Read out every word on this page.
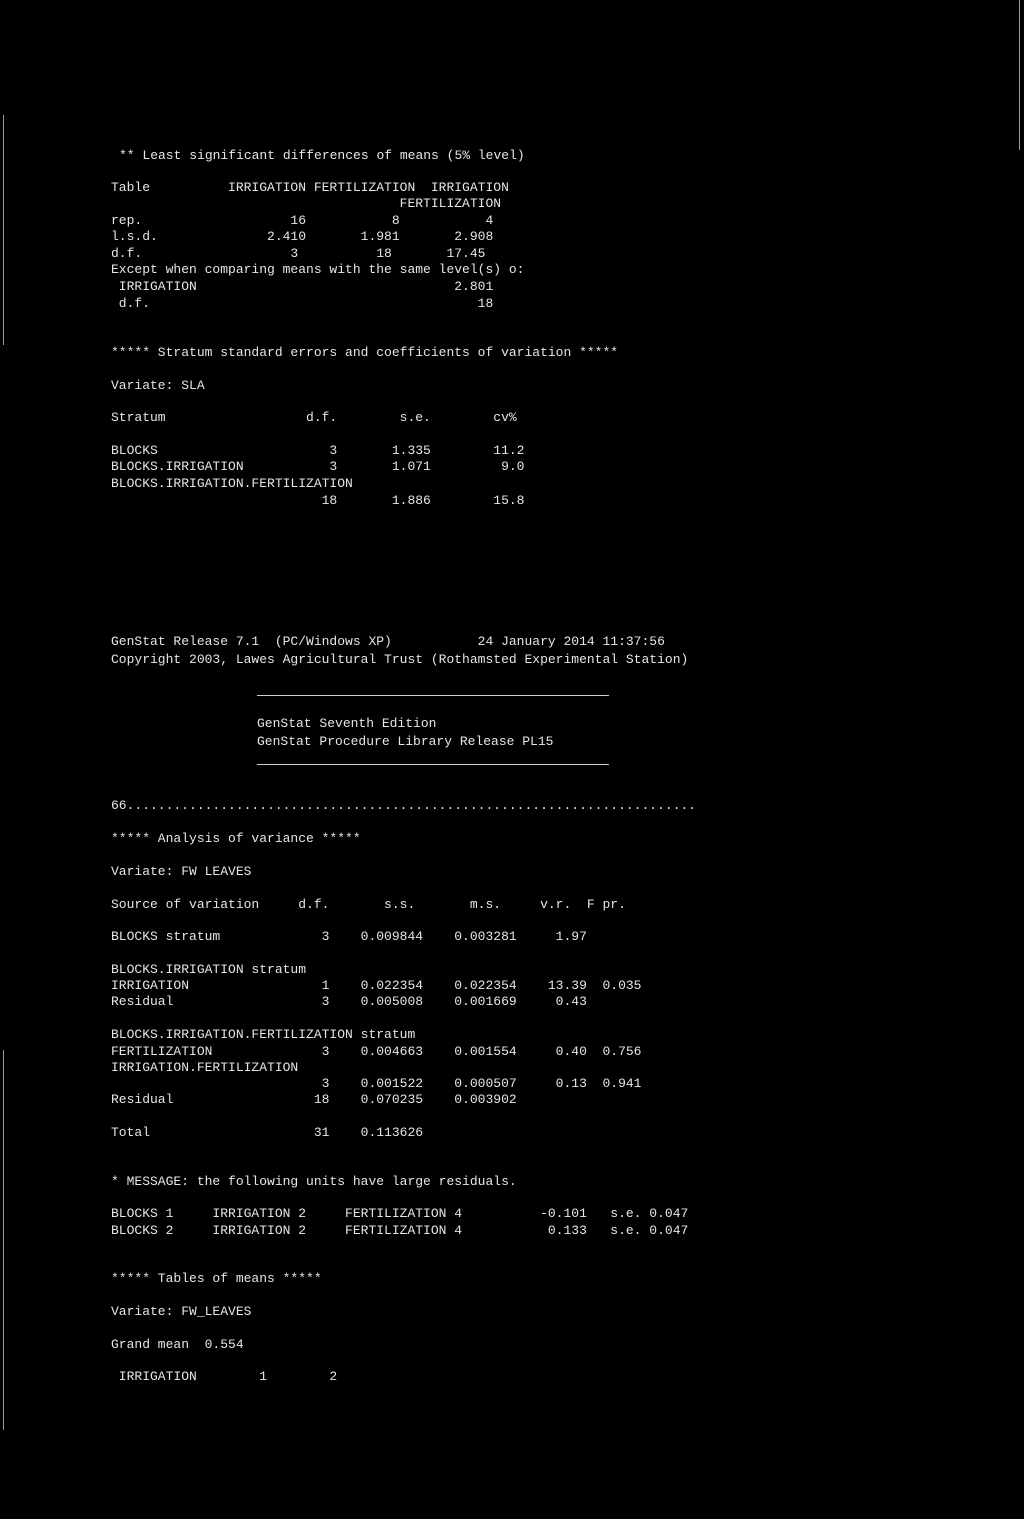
** Least significant differences of means (5% level)
Table          IRRIGATION FERTILIZATION  IRRIGATION
FERTILIZATION
rep.                   16           8           4
l.s.d.              2.410       1.981       2.908
d.f.                   3          18       17.45
Except when comparing means with the same level(s) o:
IRRIGATION                                 2.801
d.f.                                          18
***** Stratum standard errors and coefficients of variation *****
Variate: SLA
Stratum                  d.f.        s.e.        cv%
BLOCKS                      3       1.335        11.2
BLOCKS.IRRIGATION           3       1.071         9.0
BLOCKS.IRRIGATION.FERTILIZATION
18       1.886        15.8
GenStat Release 7.1  (PC/Windows XP)           24 January 2014 11:37:56
Copyright 2003, Lawes Agricultural Trust (Rothamsted Experimental Station)
GenStat Seventh Edition
GenStat Procedure Library Release PL15
66.........................................................................
***** Analysis of variance *****
Variate: FW LEAVES
Source of variation     d.f.       s.s.       m.s.     v.r.  F pr.
BLOCKS stratum             3    0.009844    0.003281     1.97
BLOCKS.IRRIGATION stratum
IRRIGATION                 1    0.022354    0.022354    13.39  0.035
Residual                   3    0.005008    0.001669     0.43
BLOCKS.IRRIGATION.FERTILIZATION stratum
FERTILIZATION              3    0.004663    0.001554     0.40  0.756
IRRIGATION.FERTILIZATION
3    0.001522    0.000507     0.13  0.941
Residual                  18    0.070235    0.003902
Total                     31    0.113626
* MESSAGE: the following units have large residuals.
BLOCKS 1     IRRIGATION 2     FERTILIZATION 4          -0.101   s.e. 0.047
BLOCKS 2     IRRIGATION 2     FERTILIZATION 4           0.133   s.e. 0.047
***** Tables of means *****
Variate: FW_LEAVES
Grand mean  0.554
IRRIGATION        1        2
